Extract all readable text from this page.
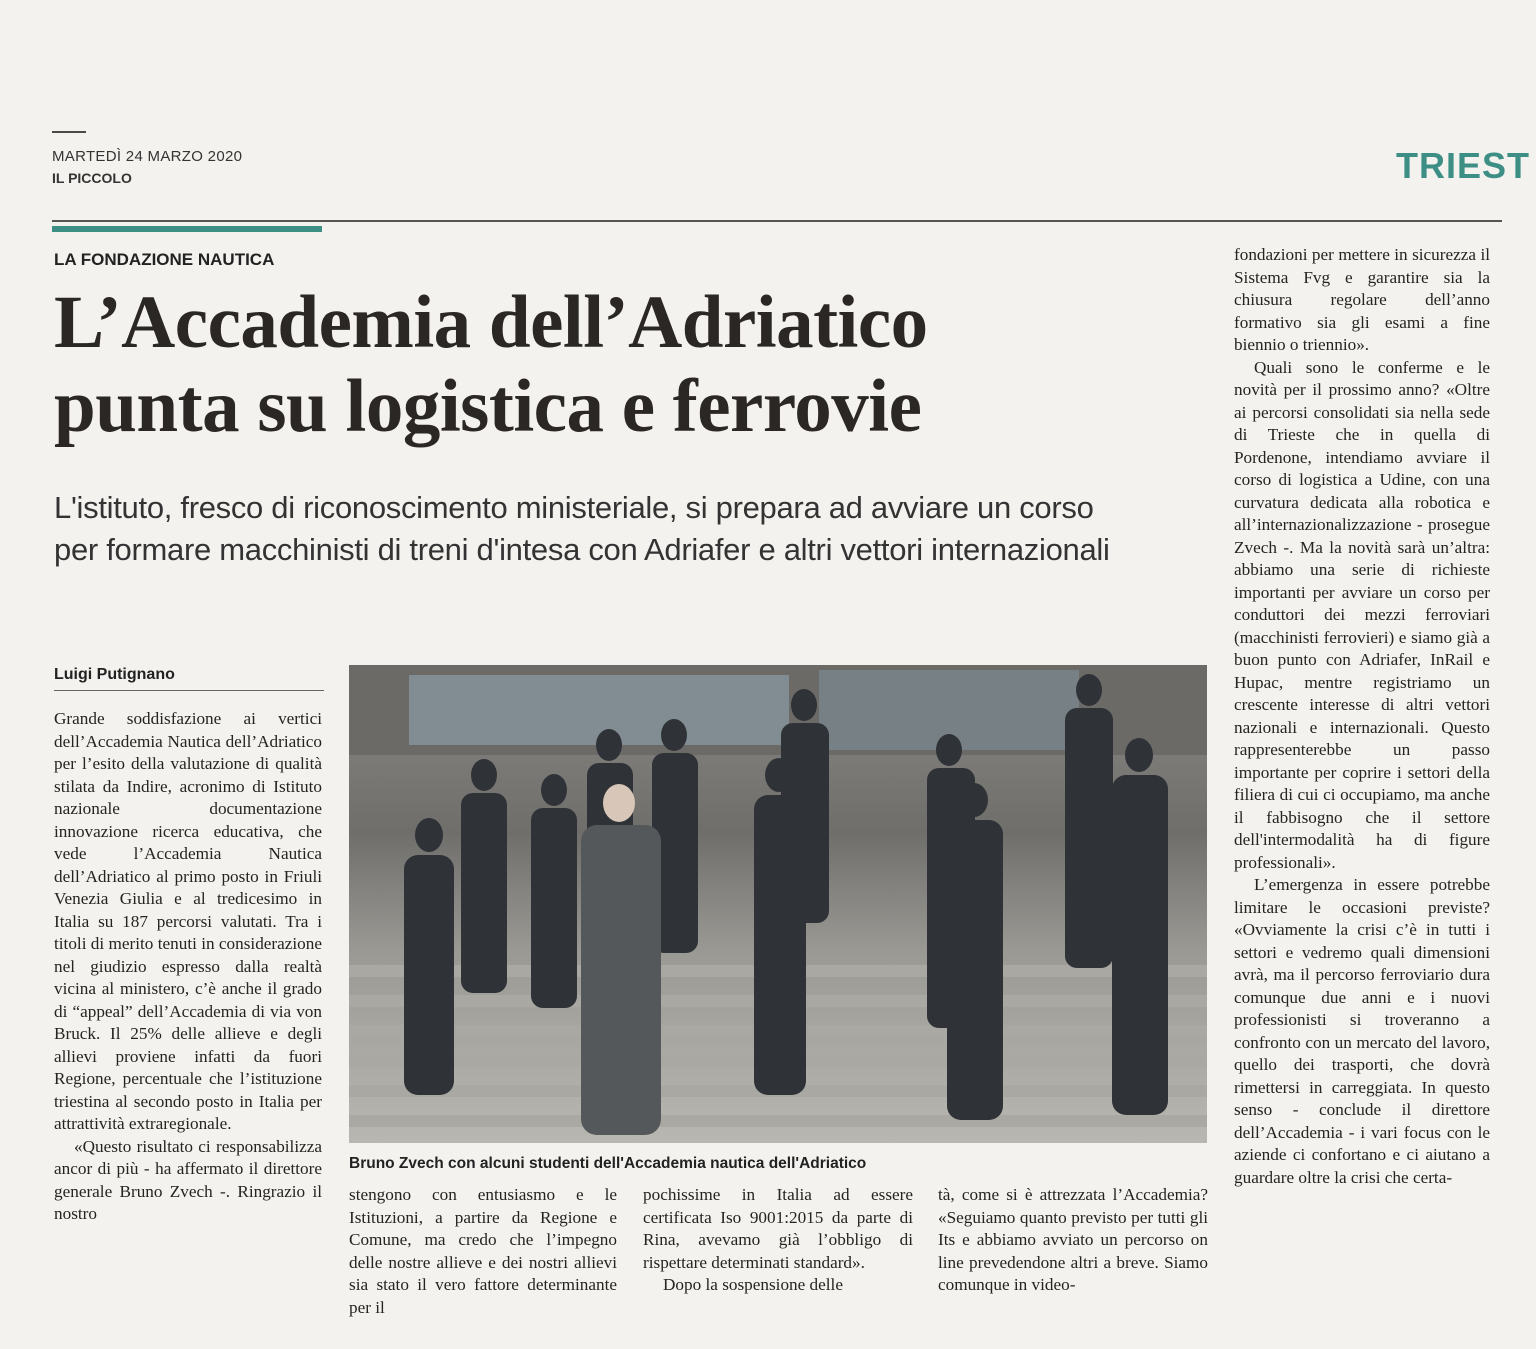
MARTEDÌ 24 MARZO 2020
IL PICCOLO	TRIEST
LA FONDAZIONE NAUTICA
L’Accademia dell’Adriatico
punta su logistica e ferrovie
L'istituto, fresco di riconoscimento ministeriale, si prepara ad avviare un corso
per formare macchinisti di treni d'intesa con Adriafer e altri vettori internazionali
Luigi Putignano

Grande soddisfazione ai vertici dell’Accademia Nautica dell’Adriatico per l’esito della valutazione di qualità stilata da Indire, acronimo di Istituto nazionale documentazione innovazione ricerca educativa, che vede l’Accademia Nautica dell’Adriatico al primo posto in Friuli Venezia Giulia e al tredicesimo in Italia su 187 percorsi valutati. Tra i titoli di merito tenuti in considerazione nel giudizio espresso dalla realtà vicina al ministero, c’è anche il grado di “appeal” dell’Accademia di via von Bruck. Il 25% delle allieve e degli allievi proviene infatti da fuori Regione, percentuale che l’istituzione triestina al secondo posto in Italia per attrattività extraregionale.

«Questo risultato ci responsabilizza ancor di più - ha affermato il direttore generale Bruno Zvech -. Ringrazio il nostro

Bruno Zvech con alcuni studenti dell'Accademia nautica dell'Adriatico

stengono con entusiasmo e le Istituzioni, a partire da Regione e Comune, ma credo che l’impegno delle nostre allieve e dei nostri allievi sia stato il vero fattore determinante per il

pochissime in Italia ad essere certificata Iso 9001:2015 da parte di Rina, avevamo già l’obbligo di rispettare determinati standard».

Dopo la sospensione delle

tà, come si è attrezzata l’Accademia? «Seguiamo quanto previsto per tutti gli Its e abbiamo avviato un percorso on line prevedendone altri a breve. Siamo comunque in video-

fondazioni per mettere in sicurezza il Sistema Fvg e garantire sia la chiusura regolare dell’anno formativo sia gli esami a fine biennio o triennio».

Quali sono le conferme e le novità per il prossimo anno? «Oltre ai percorsi consolidati sia nella sede di Trieste che in quella di Pordenone, intendiamo avviare il corso di logistica a Udine, con una curvatura dedicata alla robotica e all’internazionalizzazione - prosegue Zvech -. Ma la novità sarà un’altra: abbiamo una serie di richieste importanti per avviare un corso per conduttori dei mezzi ferroviari (macchinisti ferrovieri) e siamo già a buon punto con Adriafer, InRail e Hupac, mentre registriamo un crescente interesse di altri vettori nazionali e internazionali. Questo rappresenterebbe un passo importante per coprire i settori della filiera di cui ci occupiamo, ma anche il fabbisogno che il settore dell'intermodalità ha di figure professionali».

L’emergenza in essere potrebbe limitare le occasioni previste? «Ovviamente la crisi c’è in tutti i settori e vedremo quali dimensioni avrà, ma il percorso ferroviario dura comunque due anni e i nuovi professionisti si troveranno a confronto con un mercato del lavoro, quello dei trasporti, che dovrà rimettersi in carreggiata. In questo senso - conclude il direttore dell’Accademia - i vari focus con le aziende ci confortano e ci aiutano a guardare oltre la crisi che certa-
